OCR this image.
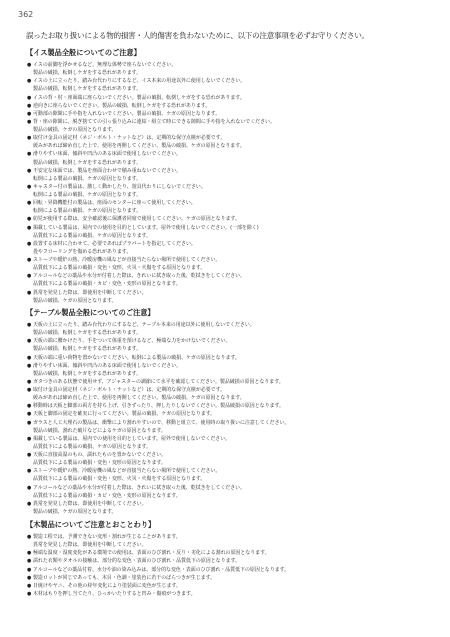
362
誤ったお取り扱いによる物的損害・人的傷害を負わないために、以下の注意事項を必ずお守りください。
【イス製品全般についてのご注意】
● イスの前脚を浮かせるなど、無理な体勢で座らないでください。
製品の破損、転倒しケガをする恐れがあります。
● イスの上に立ったり、踏み台代わりにするなど、イス本来の用途以外に使用しないでください。
製品の破損、転倒しケガをする恐れがあります。
● イスの背・肘・座面端に座らないでください。製品の破損、転倒しケガをする恐れがあります。
● 逆向きに座らないでください。製品の破損、転倒しケガをする恐れがあります。
● 可動部の隙間に手や指を入れないでください。製品の破損、ケガの原因となります。
● 背・座の隙間に、脱ぎ捨てての引っ張り込みに連結・組立て時にできる隙間に手や指を入れないでください。
製品の破損、ケガの原因となります。
● 取付け金具の固定材（ネジ・ボルト・ナットなど）は、定期的な保守点検が必要です。
緩みがあれば締め直した上で、使用を再開してください。製品の破損、ケガの原因となります。
● 滑りやすい床面、傾斜や凹凸のある床面で使用しないでください。
製品の破損、転倒しケガをする恐れがあります。
● 不安定な床面では、製品を座面合わせで積み重ねないでください。
転倒による製品の破損、ケガの原因となります。
● キャスター付の製品は、激しく動かしたり、遊具代わりにしないでください。
転倒による製品の破損、ケガの原因となります。
● 回転・昇降機能付の製品は、座面のセンターに座って使用してください。
転倒による製品の破損、ケガの原因となります。
● 紡児が使用する際は、安全確認後に保護者同席で使用してください。ケガの原因となります。
● 掲載している製品は、屋内での使用を目的としています。屋外で使用しないでください。(一部を除く)
品質低下による製品の破損、ケガの原因となります。
● 設置する床材に合わせて、必要であればプラパートを指定してください。
畳やフローリングを傷める恐れがあります。
● ストーブや暖炉の熱、冷暖房機の風などが直接当たらない場所で使用してください。
品質低下による製品の破損・変色・変形、火災・火傷をする原因となります。
● アルコールなどの薬品や水分が付着した際は、きれいに拭き取った後、乾拭きをしてください。
品質低下による製品の破損・カビ・変色・変形の原因となります。
● 異常を発見した際は、即使用を中断してください。
製品の破損、ケガの原因となります。
【テーブル製品全般についてのご注意】
● 天板の上に立ったり、踏み台代わりにするなど、テーブル本来の用途以外に使用しないでください。
製品の破損、転倒しケガをする恐れがあります。
● 天板の端に腰かけたり、手をついて体重を預けるなど、極端な力をかけないでください。
製品の破損、転倒しケガをする恐れがあります。
● 天板の端に重い荷物を置かないでください。転倒による製品の破損、ケガの原因となります。
● 滑りやすい床面、傾斜や凹凸のある床面で使用しないでください。
製品の破損、転倒しケガをする恐れがあります。
● ガタつきのある状態で使用せず、アジャスターの調節にて水平を確認してください。製品破損の原因となります。
● 取付け金具の固定材（ネジ・ボルト・ナットなど）は、定期的な保守点検が必要です。
緩みがあれば締め直した上で、使用を再開してください。製品の破損、ケガの原因となります。
● 移動時は天板と脚部の両方を持ち上げ、引きずったり、押したりしないでください。製品破損の原因となります。
● 天板と脚部の固定を確実に行ってください。製品の破損、ケガの原因となります。
● ガラスと人工大理石の製品は、衝撃により割れやすいので、移動と組立て、使用時の取り扱いに注意してください。
製品の破損、割れた破片などによるケガの原因となります。
● 掲載している製品は、屋内での使用を目的としています。屋外で使用しないでください。
品質低下による製品の破損、ケガの原因となります。
● 天板に直接高温のもの、濡れたものを置かないでください。
品質低下による製品の破損・変色・変形の原因となります。
● ストーブや暖炉の熱、冷暖房機の風などが直接当たらない場所で使用してください。
品質低下による製品の破損・変色・変形、火災・火傷をする原因となります。
● アルコールなどの薬品や水分が付着した際は、きれいに拭き取った後、乾拭きをしてください。
品質低下による製品の破損・カビ・変色・変形の原因となります。
● 異常を発見した際は、即使用を中断してください。
製品の破損、ケガの原因となります。
【木製品についてご注意とおことわり】
● 製造工程では、予測できない変形・割れが生じることがあります。
異常を発見した際は、即使用を中断してください。
● 極端な温度・湿度変化がある環境での使用は、表面のひび割れ・反り・劣化による割れの原因となります。
● 濡れた衣類やタオルの接触は、部分的な変色・表面のひび割れ・品質低下の原因となります。
● アルコールなどの薬品付着、水分や油の染み込みは、部分的な変色・表面のひび割れ・品質低下の原因となります。
● 製造ロットが同じであっても、木目・色調・塗装色に若干のばらつきが生じます。
● 日焼けやヤニ、その他の経年変化により塗装面に変色が生じます。
● 木材はもりを押し当てたり、ひっかいたりすると凹み・傷痕がつきます。
